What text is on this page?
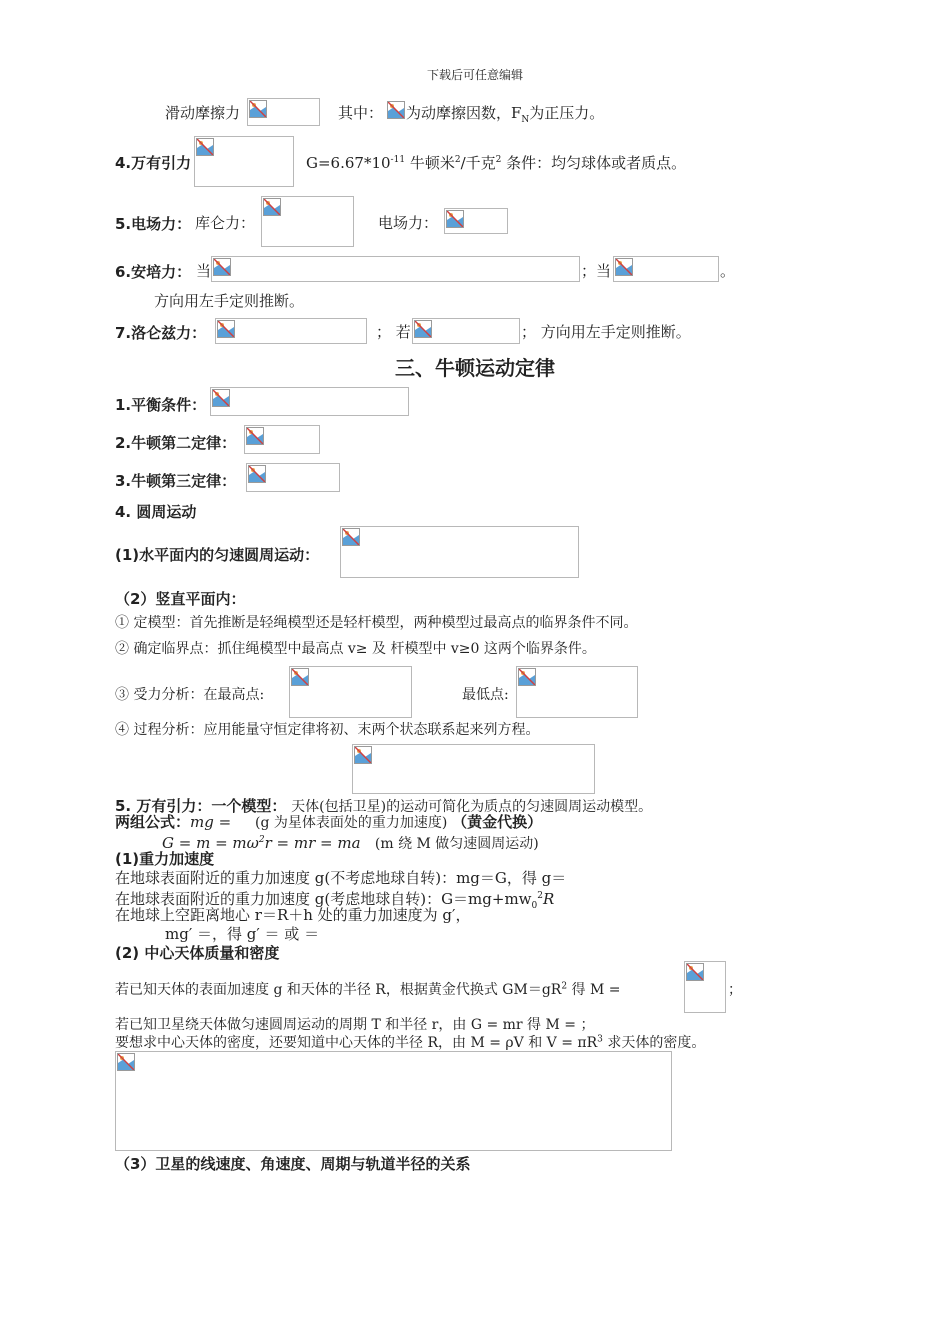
下载后可任意编辑
滑动摩擦力	其中： 为动摩擦因数，$F_N$为正压力。
4.万有引力	$G=6.67*10^{-11}$ 牛顿米$^2$/千克$^2$ 条件：均匀球体或者质点。
5.电场力： 库仑力：	电场力：
6.安培力： 当	；当	。
方向用左手定则推断。
7.洛仑兹力：	； 若	； 方向用左手定则推断。
三、牛顿运动定律
1.平衡条件：
2.牛顿第二定律：
3.牛顿第三定律：
4. 圆周运动
(1)水平面内的匀速圆周运动：
（2）竖直平面内：
① 定模型：首先推断是轻绳模型还是轻杆模型，两种模型过最高点的临界条件不同。
② 确定临界点：抓住绳模型中最高点 v≥ 及 杆模型中 v≥0 这两个临界条件。
③ 受力分析：在最高点:	最低点:
④ 过程分析：应用能量守恒定律将初、末两个状态联系起来列方程。
5. 万有引力：一个模型： 天体(包括卫星)的运动可简化为质点的匀速圆周运动模型。
两组公式：mg = (g 为星体表面处的重力加速度) （黄金代换）
$G = m = m\omega^2r$ = mr = ma (m 绕 M 做匀速圆周运动)
(1)重力加速度
在地球表面附近的重力加速度 g(不考虑地球自转)：mg＝G，得 g＝
在地球表面附近的重力加速度 g(考虑地球自转)：$G=mg+mw_0^2R$
在地球上空距离地心 r＝R＋h 处的重力加速度为 g′，
mg′ ＝，得 g′ ＝ 或 ＝
(2) 中心天体质量和密度
若已知天体的表面加速度 g 和天体的半径 R，根据黄金代换式 $GM=gR^2$ 得 M =	；
若已知卫星绕天体做匀速圆周运动的周期 T 和半径 r，由 G = mr 得 M = ；
要想求中心天体的密度，还要知道中心天体的半径 R，由 M = ρV 和 $V = \pi R^3$ 求天体的密度。
（3）卫星的线速度、角速度、周期与轨道半径的关系
